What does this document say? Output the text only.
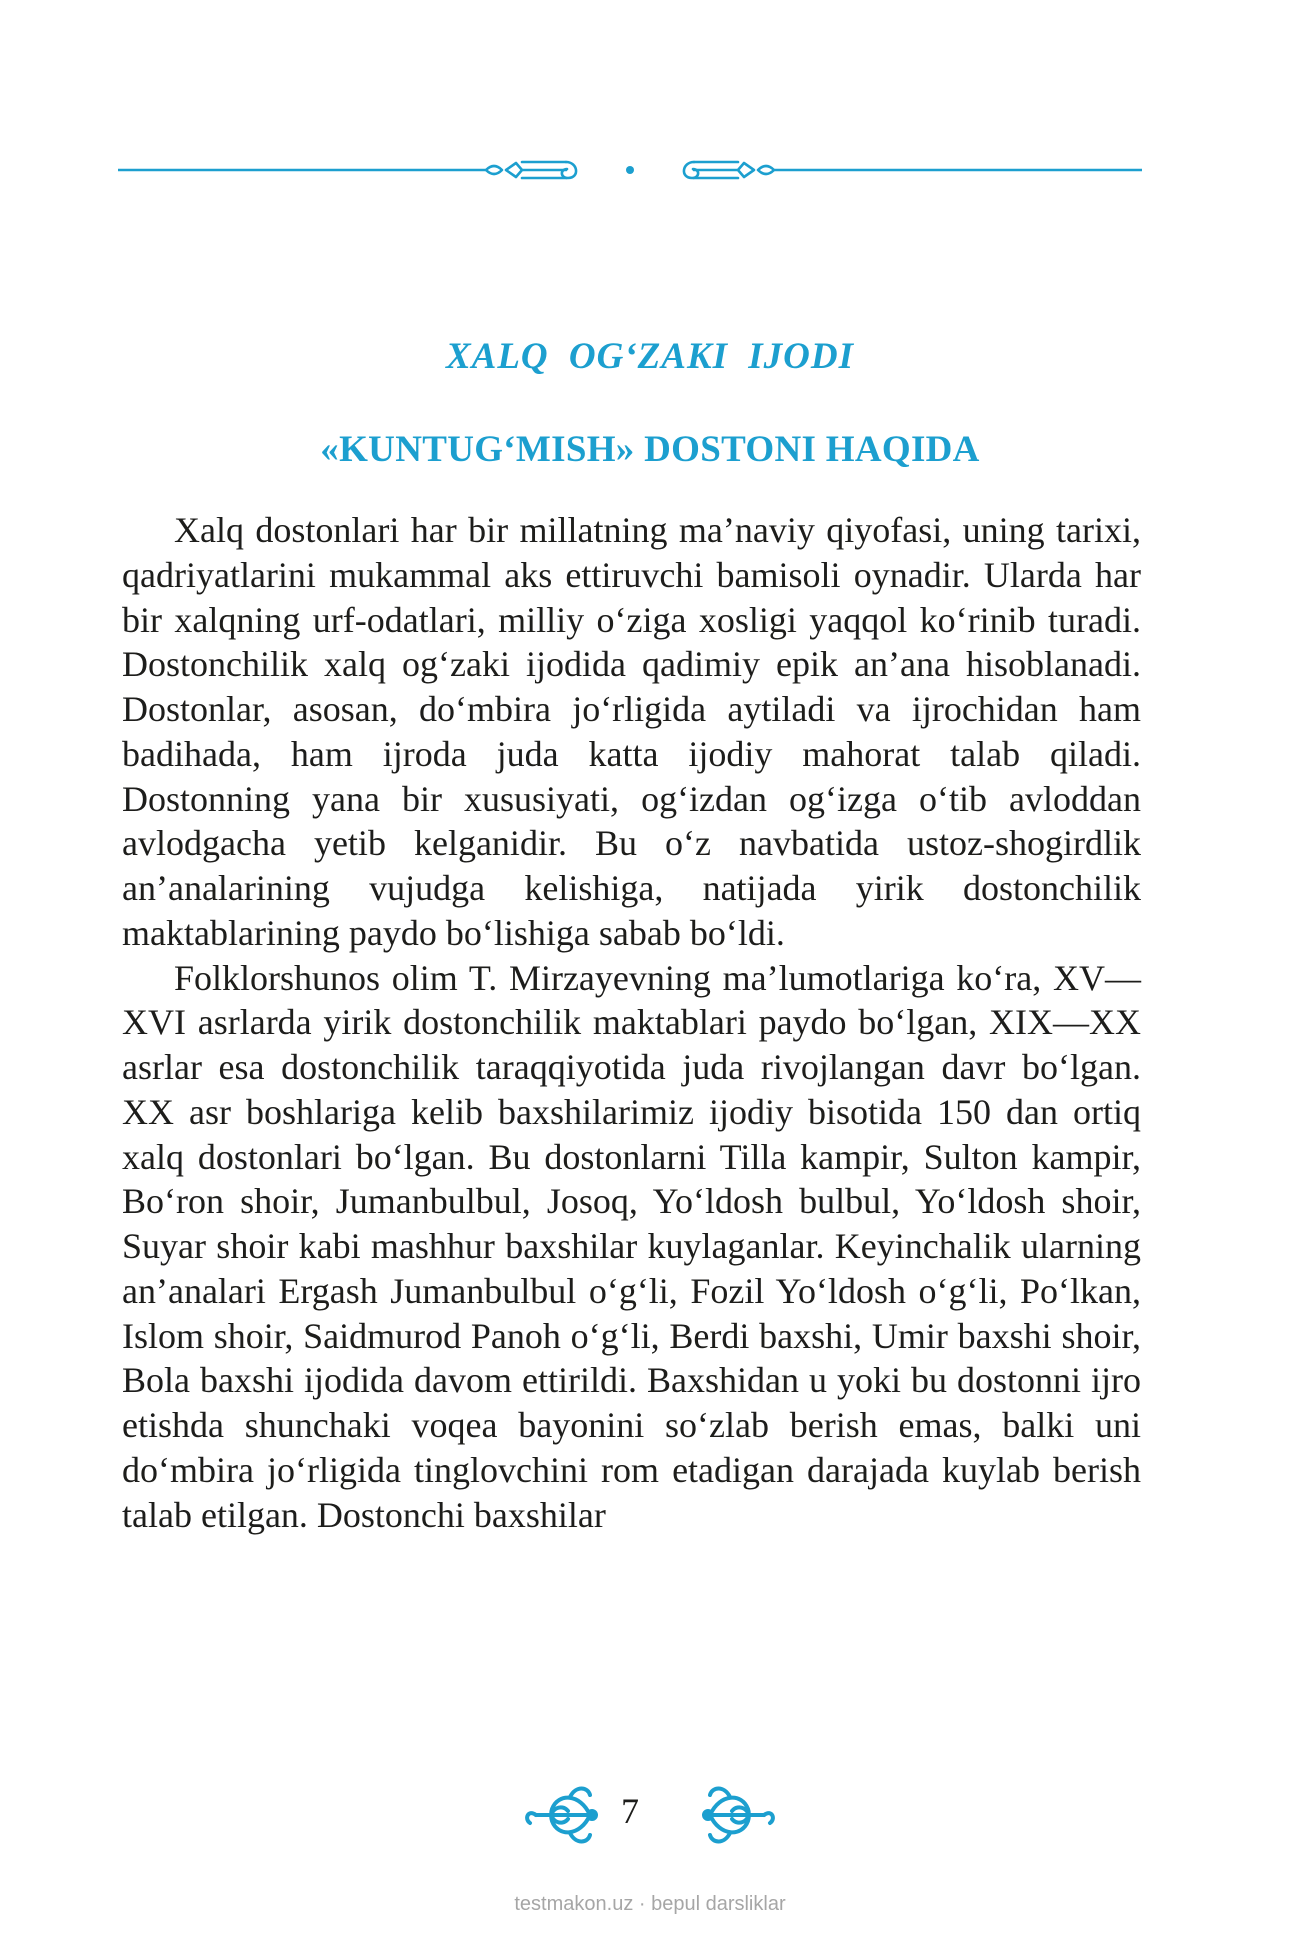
XALQ OG‘ZAKI IJODI
«KUNTUG‘MISH» DOSTONI HAQIDA

Xalq dostonlari har bir millatning ma’naviy qiyofasi, uning tarixi, qadriyatlarini mukammal aks ettiruvchi bamisoli oynadir. Ularda har bir xalqning urf-odatlari, milliy o‘ziga xosligi yaqqol ko‘rinib turadi. Dostonchilik xalq og‘zaki ijodida qadimiy epik an’ana hisoblanadi. Dostonlar, asosan, do‘mbira jo‘rligida aytiladi va ijrochidan ham badihada, ham ijroda juda katta ijodiy mahorat talab qiladi. Dostonning yana bir xususiyati, og‘izdan og‘izga o‘tib avloddan avlodgacha yetib kelganidir. Bu o‘z navbatida ustoz-shogirdlik an’analarining vujudga kelishiga, natijada yirik dostonchilik maktablarining paydo bo‘lishiga sabab bo‘ldi.

Folklorshunos olim T. Mirzayevning ma’lumotlariga ko‘ra, XV—XVI asrlarda yirik dostonchilik maktablari paydo bo‘lgan, XIX—XX asrlar esa dostonchilik taraqqiyotida juda rivojlangan davr bo‘lgan. XX asr boshlariga kelib baxshilarimiz ijodiy bisotida 150 dan ortiq xalq dostonlari bo‘lgan. Bu dostonlarni Tilla kampir, Sulton kampir, Bo‘ron shoir, Jumanbulbul, Josoq, Yo‘ldosh bulbul, Yo‘ldosh shoir, Suyar shoir kabi mashhur baxshilar kuylaganlar. Keyinchalik ularning an’analari Ergash Jumanbulbul o‘g‘li, Fozil Yo‘ldosh o‘g‘li, Po‘lkan, Islom shoir, Saidmurod Panoh o‘g‘li, Berdi baxshi, Umir baxshi shoir, Bola baxshi ijodida davom ettirildi. Baxshidan u yoki bu dostonni ijro etishda shunchaki voqea bayonini so‘zlab berish emas, balki uni do‘mbira jo‘rligida tinglovchini rom etadigan darajada kuylab berish talab etilgan. Dostonchi baxshilar

7
testmakon.uz · bepul darsliklar
